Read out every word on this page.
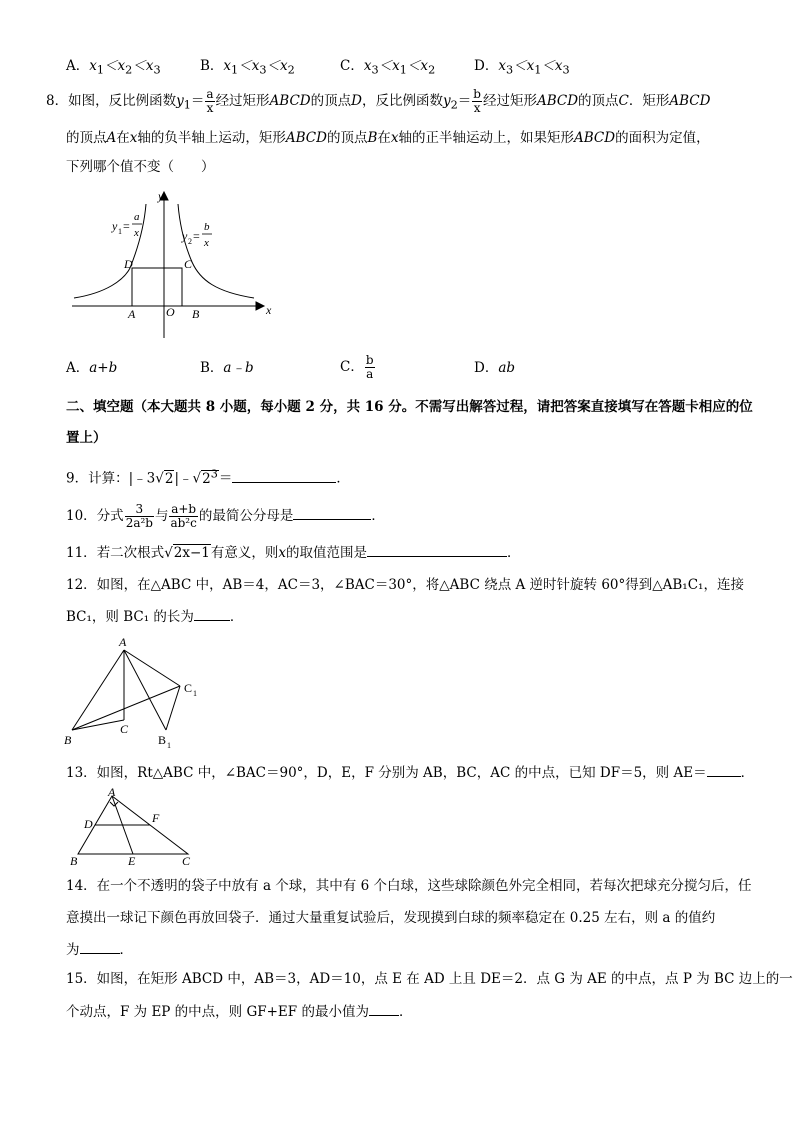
A．$x_1<x_2<x_3$	B．$x_1<x_3<x_2$	C．$x_3<x_1<x_2$	D．$x_3<x_1<x_3$
8．如图，反比例函数$y_1= \frac{a}{x}$ 经过矩形ABCD的顶点D，反比例函数$y_2= \frac{b}{x}$ 经过矩形ABCD的顶点C．矩形ABCD
的顶点A在x轴的负半轴上运动，矩形ABCD的顶点B在x轴的正半轴运动上，如果矩形ABCD的面积为定值，
下列哪个值不变（　　）
y
x
O
D	C
A	B
y 1 =
a
x	y 2 =
b
x
A．a+b	B．a﹣b	C． $\frac{b}{a}$	D．ab
二、填空题（本大题共 8 小题，每小题 2 分，共 16 分。不需写出解答过程，请把答案直接填写在答题卡相应的位
置上）
9．计算：$|﹣3√2|﹣√2^3=$	．
10．分式 $\frac{3}{\text{2a²b}}$ 与 $\frac{a+b}{\text{ab²c}}$ 的最简公分母是	．
11．若二次根式√2x−1有意义，则x的取值范围是	．
12．如图，在△ABC 中，AB＝4，AC＝3，∠BAC＝30°，将△ABC 绕点 A 逆时针旋转 60°得到△AB₁C₁，连接
BC₁，则 BC₁ 的长为	．
A
B
C
C 1
B 1
13．如图，Rt△ABC 中，∠BAC＝90°，D，E，F 分别为 AB，BC，AC 的中点，已知 DF＝5，则 AE＝	．
A
B	C
D
E
F
14．在一个不透明的袋子中放有 a 个球，其中有 6 个白球，这些球除颜色外完全相同，若每次把球充分搅匀后，任
意摸出一球记下颜色再放回袋子．通过大量重复试验后，发现摸到白球的频率稳定在 0.25 左右，则 a 的值约
为	．
15．如图，在矩形 ABCD 中，AB＝3，AD＝10，点 E 在 AD 上且 DE＝2．点 G 为 AE 的中点，点 P 为 BC 边上的一
个动点，F 为 EP 的中点，则 GF+EF 的最小值为 ．
